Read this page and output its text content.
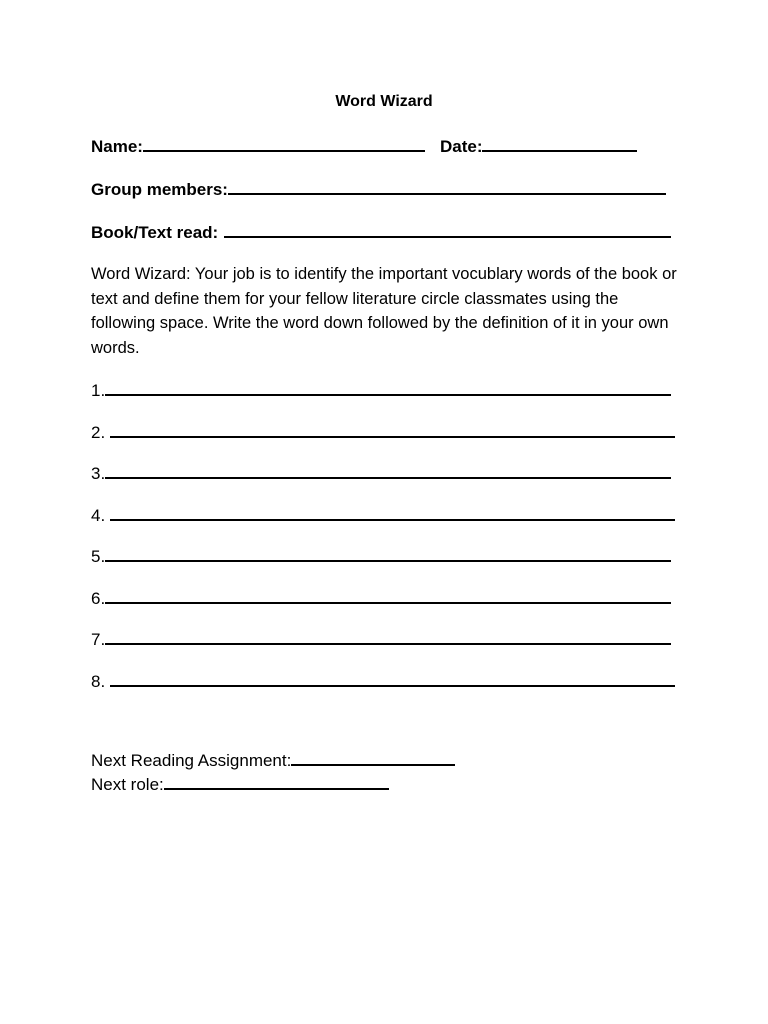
Word Wizard
Name:	Date:
Group members:
Book/Text read:
Word Wizard: Your job is to identify the important vocublary words of the book or text and define them for your fellow literature circle classmates using the following space. Write the word down followed by the definition of it in your own words.
1.
2.
3.
4.
5.
6.
7.
8.
Next Reading Assignment:
Next role:
